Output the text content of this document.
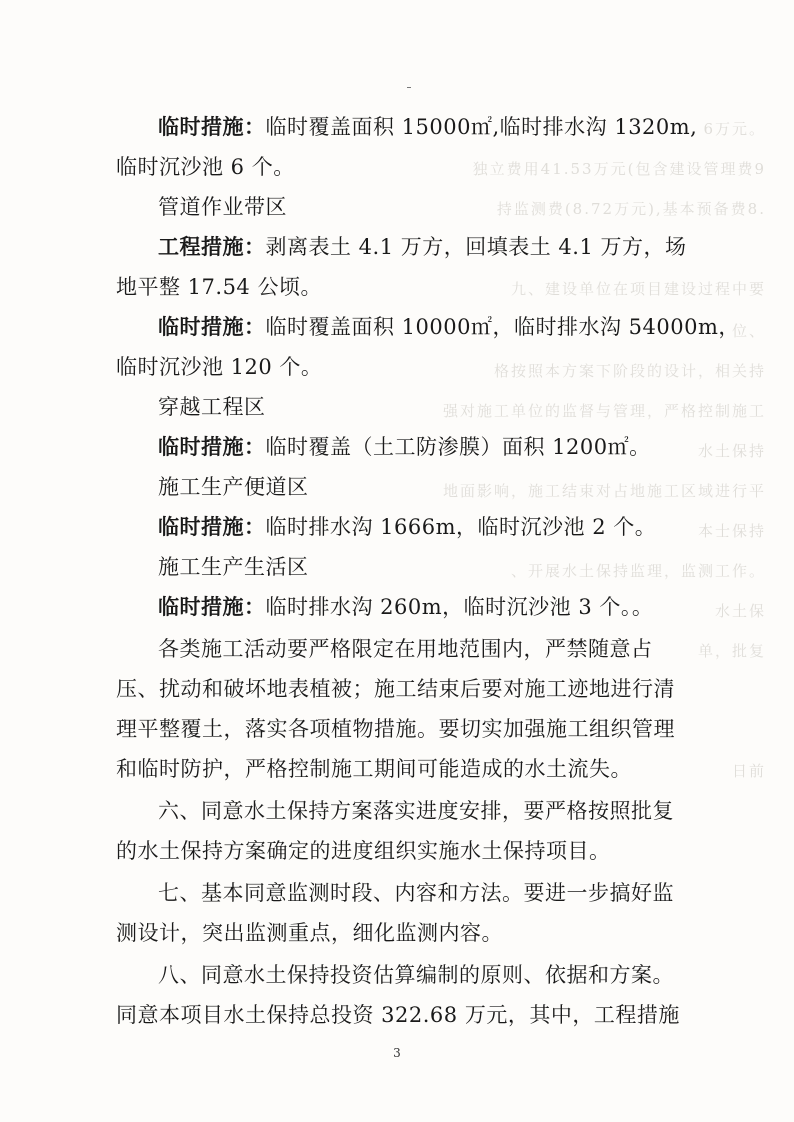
6万元。
独立费用41.53万元(包含建设管理费9
持监测费(8.72万元),基本预备费8.
九、建设单位在项目建设过程中要
位、
格按照本方案下阶段的设计，相关持
强对施工单位的监督与管理，严格控制施工
水土保持
地面影响，施工结束对占地施工区域进行平
本士保持
、开展水土保持监理，监测工作。
水土保
单，批复
日前
临时措施：临时覆盖面积 15000㎡,临时排水沟 1320m,
临时沉沙池 6 个。
管道作业带区
工程措施：剥离表土 4.1 万方，回填表土 4.1 万方，场
地平整 17.54 公顷。
临时措施：临时覆盖面积 10000㎡，临时排水沟 54000m，
临时沉沙池 120 个。
穿越工程区
临时措施：临时覆盖（土工防渗膜）面积 1200㎡。
施工生产便道区
临时措施：临时排水沟 1666m，临时沉沙池 2 个。
施工生产生活区
临时措施：临时排水沟 260m，临时沉沙池 3 个。。
各类施工活动要严格限定在用地范围内，严禁随意占
压、扰动和破坏地表植被；施工结束后要对施工迹地进行清
理平整覆土，落实各项植物措施。要切实加强施工组织管理
和临时防护，严格控制施工期间可能造成的水土流失。
六、同意水土保持方案落实进度安排，要严格按照批复
的水土保持方案确定的进度组织实施水土保持项目。
七、基本同意监测时段、内容和方法。要进一步搞好监
测设计，突出监测重点，细化监测内容。
八、同意水土保持投资估算编制的原则、依据和方案。
同意本项目水土保持总投资 322.68 万元，其中，工程措施
3
